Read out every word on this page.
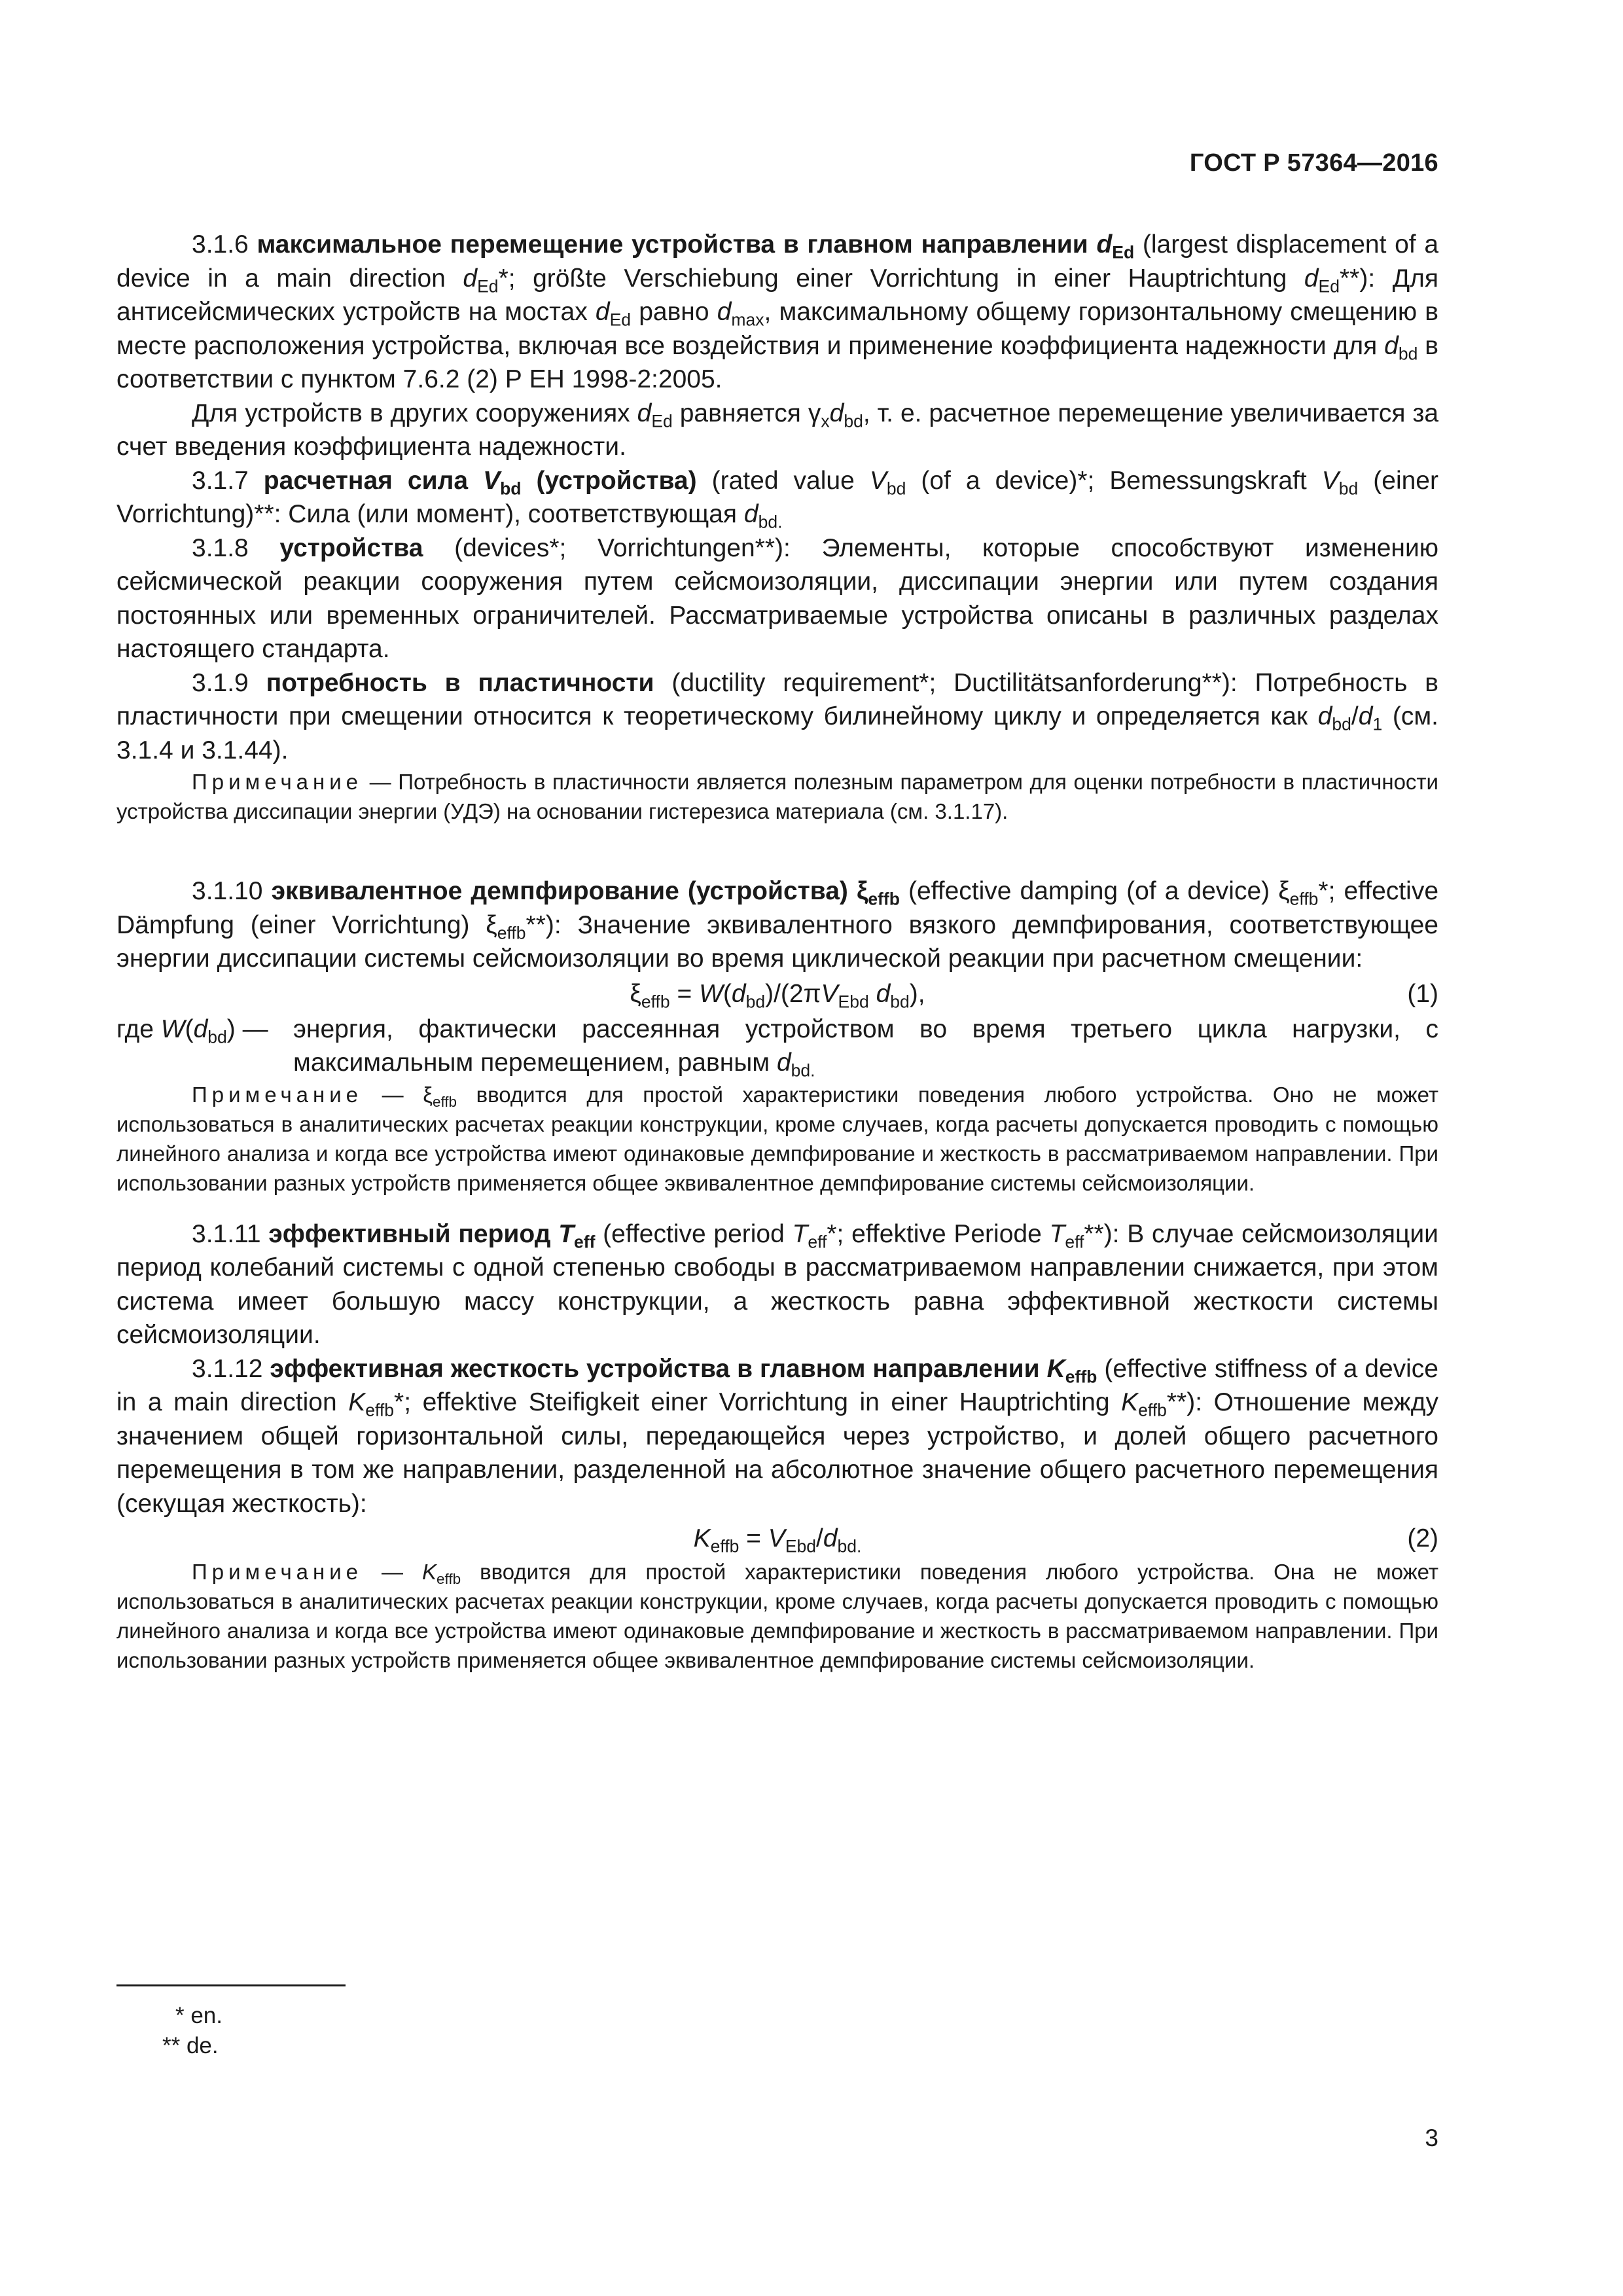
ГОСТ Р 57364—2016

3.1.6 максимальное перемещение устройства в главном направлении $d_{Ed}$ (largest displacement of a device in a main direction $d_{Ed}*$; größte Verschiebung einer Vorrichtung in einer Hauptrichtung $d_{Ed}**$): Для антисейсмических устройств на мостах $d_{Ed}$ равно $d_{max}$, максимальному общему горизонтальному смещению в месте расположения устройства, включая все воздействия и применение коэффициента надежности для $d_{bd}$ в соответствии с пунктом 7.6.2 (2) Р ЕН 1998-2:2005.

Для устройств в других сооружениях $d_{Ed}$ равняется $\gamma_xd_{bd}$, т. е. расчетное перемещение увеличивается за счет введения коэффициента надежности.

3.1.7 расчетная сила $V_{bd}$ (устройства) (rated value $V_{bd}$ (of a device)*; Bemessungskraft $V_{bd}$ (einer Vorrichtung)**: Сила (или момент), соответствующая $d_{bd.}$

3.1.8 устройства (devices*; Vorrichtungen**): Элементы, которые способствуют изменению сейсмической реакции сооружения путем сейсмоизоляции, диссипации энергии или путем создания постоянных или временных ограничителей. Рассматриваемые устройства описаны в различных разделах настоящего стандарта.

3.1.9 потребность в пластичности (ductility requirement*; Ductilitätsanforderung**): Потребность в пластичности при смещении относится к теоретическому билинейному циклу и определяется как $d_{bd}/d_1$ (см. 3.1.4 и 3.1.44).

Примечание — Потребность в пластичности является полезным параметром для оценки потребности в пластичности устройства диссипации энергии (УДЭ) на основании гистерезиса материала (см. 3.1.17).

3.1.10 эквивалентное демпфирование (устройства) $\xi_{effb}$ (effective damping (of a device) $\xi_{effb}*$; effective Dämpfung (einer Vorrichtung) $\xi_{effb}**$): Значение эквивалентного вязкого демпфирования, соответствующее энергии диссипации системы сейсмоизоляции во время циклической реакции при расчетном смещении:

$\xi_{effb} = W(d_{bd})/(2\pi V_{Ebd}$ $d_{bd}$),	(1)

где $W(d_{bd})$ — энергия, фактически рассеянная устройством во время третьего цикла нагрузки, с максимальным перемещением, равным $d_{bd.}$

Примечание — $\xi_{effb}$ вводится для простой характеристики поведения любого устройства. Оно не может использоваться в аналитических расчетах реакции конструкции, кроме случаев, когда расчеты допускается проводить с помощью линейного анализа и когда все устройства имеют одинаковые демпфирование и жесткость в рассматриваемом направлении. При использовании разных устройств применяется общее эквивалентное демпфирование системы сейсмоизоляции.

3.1.11 эффективный период $T_{eff}$ (effective period $T_{eff}*$; effektive Periode $T_{eff}**$): В случае сейсмоизоляции период колебаний системы с одной степенью свободы в рассматриваемом направлении снижается, при этом система имеет большую массу конструкции, а жесткость равна эффективной жесткости системы сейсмоизоляции.

3.1.12 эффективная жесткость устройства в главном направлении $K_{effb}$ (effective stiffness of a device in a main direction $K_{effb}*$; effektive Steifigkeit einer Vorrichtung in einer Hauptrichting $K_{effb}**$): Отношение между значением общей горизонтальной силы, передающейся через устройство, и долей общего расчетного перемещения в том же направлении, разделенной на абсолютное значение общего расчетного перемещения (секущая жесткость):

$K_{effb} = V_{Ebd}/d_{bd.}$	(2)

Примечание — $K_{effb}$ вводится для простой характеристики поведения любого устройства. Она не может использоваться в аналитических расчетах реакции конструкции, кроме случаев, когда расчеты допускается проводить с помощью линейного анализа и когда все устройства имеют одинаковые демпфирование и жесткость в рассматриваемом направлении. При использовании разных устройств применяется общее эквивалентное демпфирование системы сейсмоизоляции.

* en.
** de.
3
